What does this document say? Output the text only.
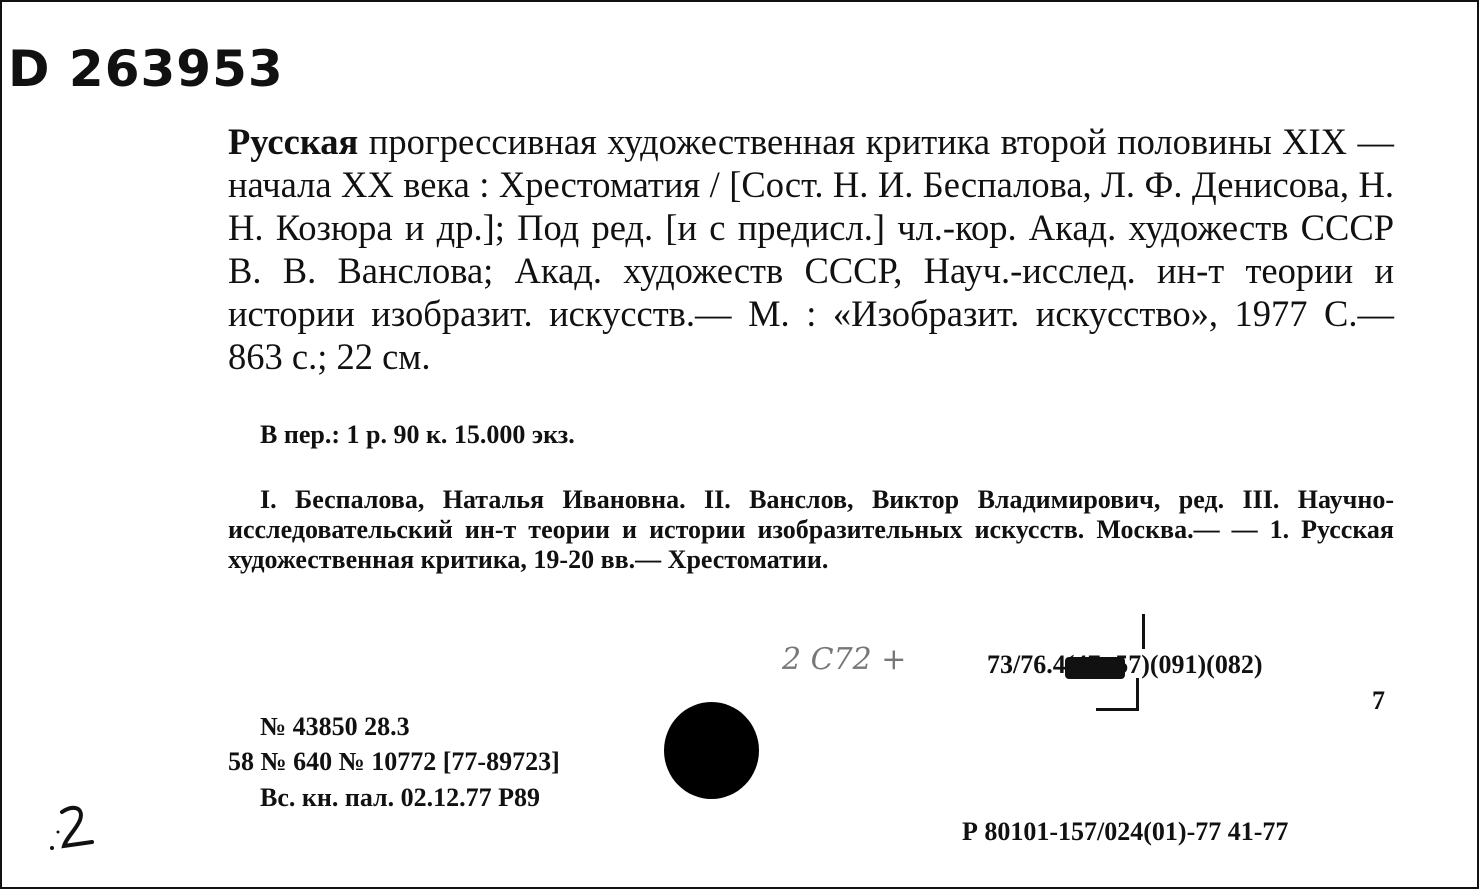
D 263953
Русская прогрессивная художественная критика второй половины XIX — начала XX века : Хрестоматия / [Сост. Н. И. Беспалова, Л. Ф. Денисова, Н. Н. Козюра и др.]; Под ред. [и с предисл.] чл.-кор. Акад. художеств СССР В. В. Ванслова; Акад. художеств СССР, Науч.-исслед. ин-т теории и истории изобразит. искусств.— М. : «Изобразит. искусство», 1977 С.— 863 с.; 22 см.
В пер.: 1 р. 90 к. 15.000 экз.
I. Беспалова, Наталья Ивановна. II. Ванслов, Виктор Владимирович, ред. III. Научно-исследовательский ин-т теории и истории изобразительных искусств. Москва.— — 1. Русская художественная критика, 19-20 вв.— Хрестоматии.
2 С72 +	73/76.4(47+57)(091)(082)
7
№ 43850 28.3
58 № 640 № 10772 [77-89723]
Вс. кн. пал. 02.12.77 Р89
Р 80101-157/024(01)-77 41-77
